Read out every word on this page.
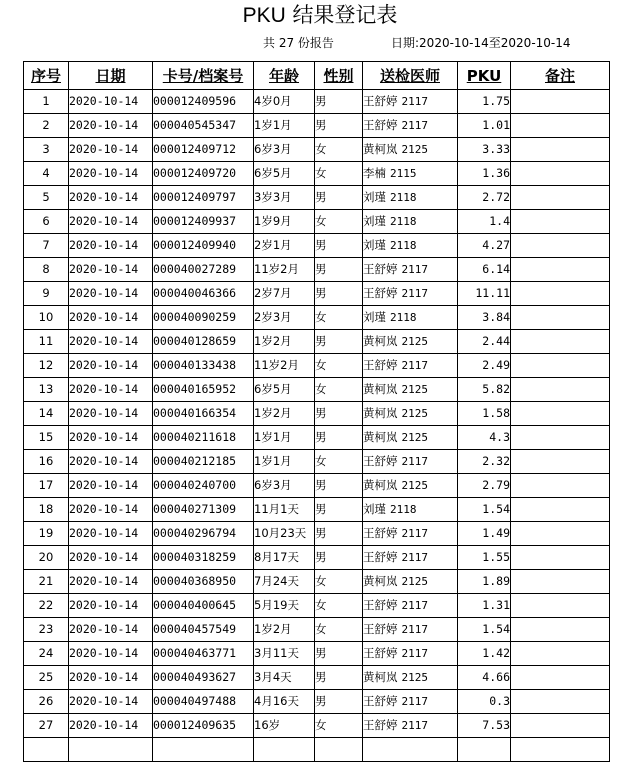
PKU 结果登记表
共 27 份报告	日期:2020-10-14至2020-10-14
序号	日期	卡号/档案号	年龄	性别	送检医师	PKU	备注
1	2020-10-14	000012409596	4岁0月	男	王舒婷 2117	1.75	
2	2020-10-14	000040545347	1岁1月	男	王舒婷 2117	1.01	
3	2020-10-14	000012409712	6岁3月	女	黄柯岚 2125	3.33	
4	2020-10-14	000012409720	6岁5月	女	李楠 2115	1.36	
5	2020-10-14	000012409797	3岁3月	男	刘瑾 2118	2.72	
6	2020-10-14	000012409937	1岁9月	女	刘瑾 2118	1.4	
7	2020-10-14	000012409940	2岁1月	男	刘瑾 2118	4.27	
8	2020-10-14	000040027289	11岁2月	男	王舒婷 2117	6.14	
9	2020-10-14	000040046366	2岁7月	男	王舒婷 2117	11.11	
10	2020-10-14	000040090259	2岁3月	女	刘瑾 2118	3.84	
11	2020-10-14	000040128659	1岁2月	男	黄柯岚 2125	2.44	
12	2020-10-14	000040133438	11岁2月	女	王舒婷 2117	2.49	
13	2020-10-14	000040165952	6岁5月	女	黄柯岚 2125	5.82	
14	2020-10-14	000040166354	1岁2月	男	黄柯岚 2125	1.58	
15	2020-10-14	000040211618	1岁1月	男	黄柯岚 2125	4.3	
16	2020-10-14	000040212185	1岁1月	女	王舒婷 2117	2.32	
17	2020-10-14	000040240700	6岁3月	男	黄柯岚 2125	2.79	
18	2020-10-14	000040271309	11月1天	男	刘瑾 2118	1.54	
19	2020-10-14	000040296794	10月23天	男	王舒婷 2117	1.49	
20	2020-10-14	000040318259	8月17天	男	王舒婷 2117	1.55	
21	2020-10-14	000040368950	7月24天	女	黄柯岚 2125	1.89	
22	2020-10-14	000040400645	5月19天	女	王舒婷 2117	1.31	
23	2020-10-14	000040457549	1岁2月	女	王舒婷 2117	1.54	
24	2020-10-14	000040463771	3月11天	男	王舒婷 2117	1.42	
25	2020-10-14	000040493627	3月4天	男	黄柯岚 2125	4.66	
26	2020-10-14	000040497488	4月16天	男	王舒婷 2117	0.3	
27	2020-10-14	000012409635	16岁	女	王舒婷 2117	7.53	
